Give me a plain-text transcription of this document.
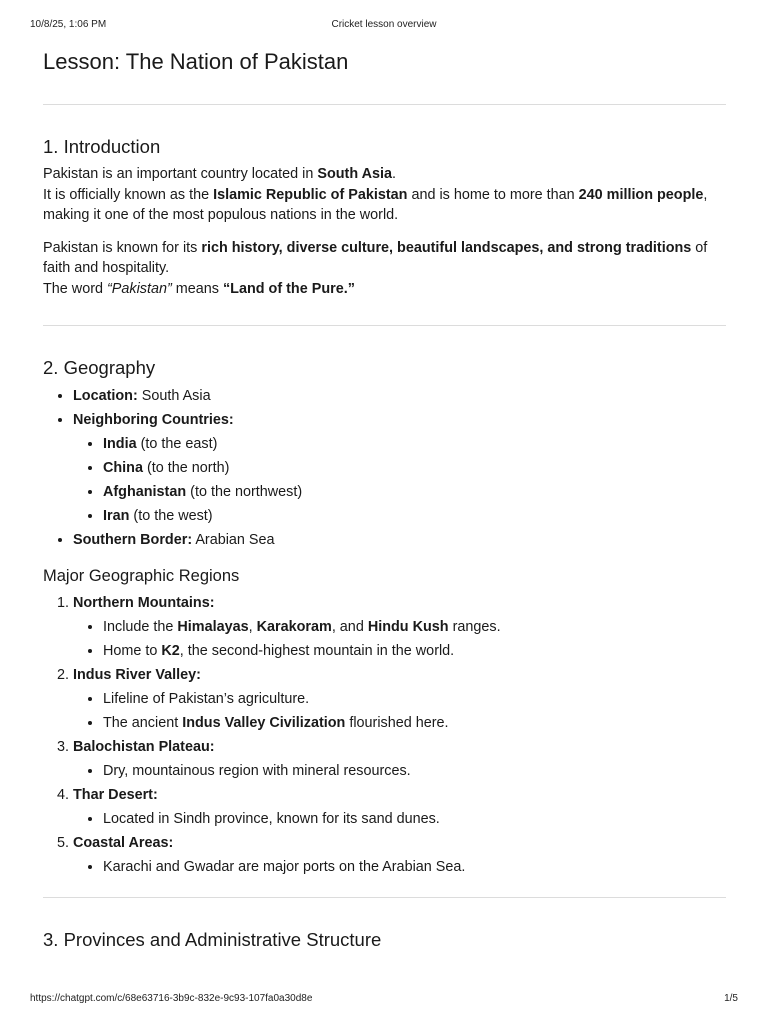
10/8/25, 1:06 PM	Cricket lesson overview
Lesson: The Nation of Pakistan
1. Introduction

Pakistan is an important country located in South Asia.
It is officially known as the Islamic Republic of Pakistan and is home to more than 240 million people, making it one of the most populous nations in the world.

Pakistan is known for its rich history, diverse culture, beautiful landscapes, and strong traditions of faith and hospitality.
The word “Pakistan” means “Land of the Pure.”

2. Geography
• Location: South Asia
• Neighboring Countries:
• India (to the east)
• China (to the north)
• Afghanistan (to the northwest)
• Iran (to the west)
• Southern Border: Arabian Sea
Major Geographic Regions
1. Northern Mountains:
• Include the Himalayas, Karakoram, and Hindu Kush ranges.
• Home to K2, the second-highest mountain in the world.
2. Indus River Valley:
• Lifeline of Pakistan’s agriculture.
• The ancient Indus Valley Civilization flourished here.
3. Balochistan Plateau:
• Dry, mountainous region with mineral resources.
4. Thar Desert:
• Located in Sindh province, known for its sand dunes.
5. Coastal Areas:
• Karachi and Gwadar are major ports on the Arabian Sea.
3. Provinces and Administrative Structure
https://chatgpt.com/c/68e63716-3b9c-832e-9c93-107fa0a30d8e	1/5
